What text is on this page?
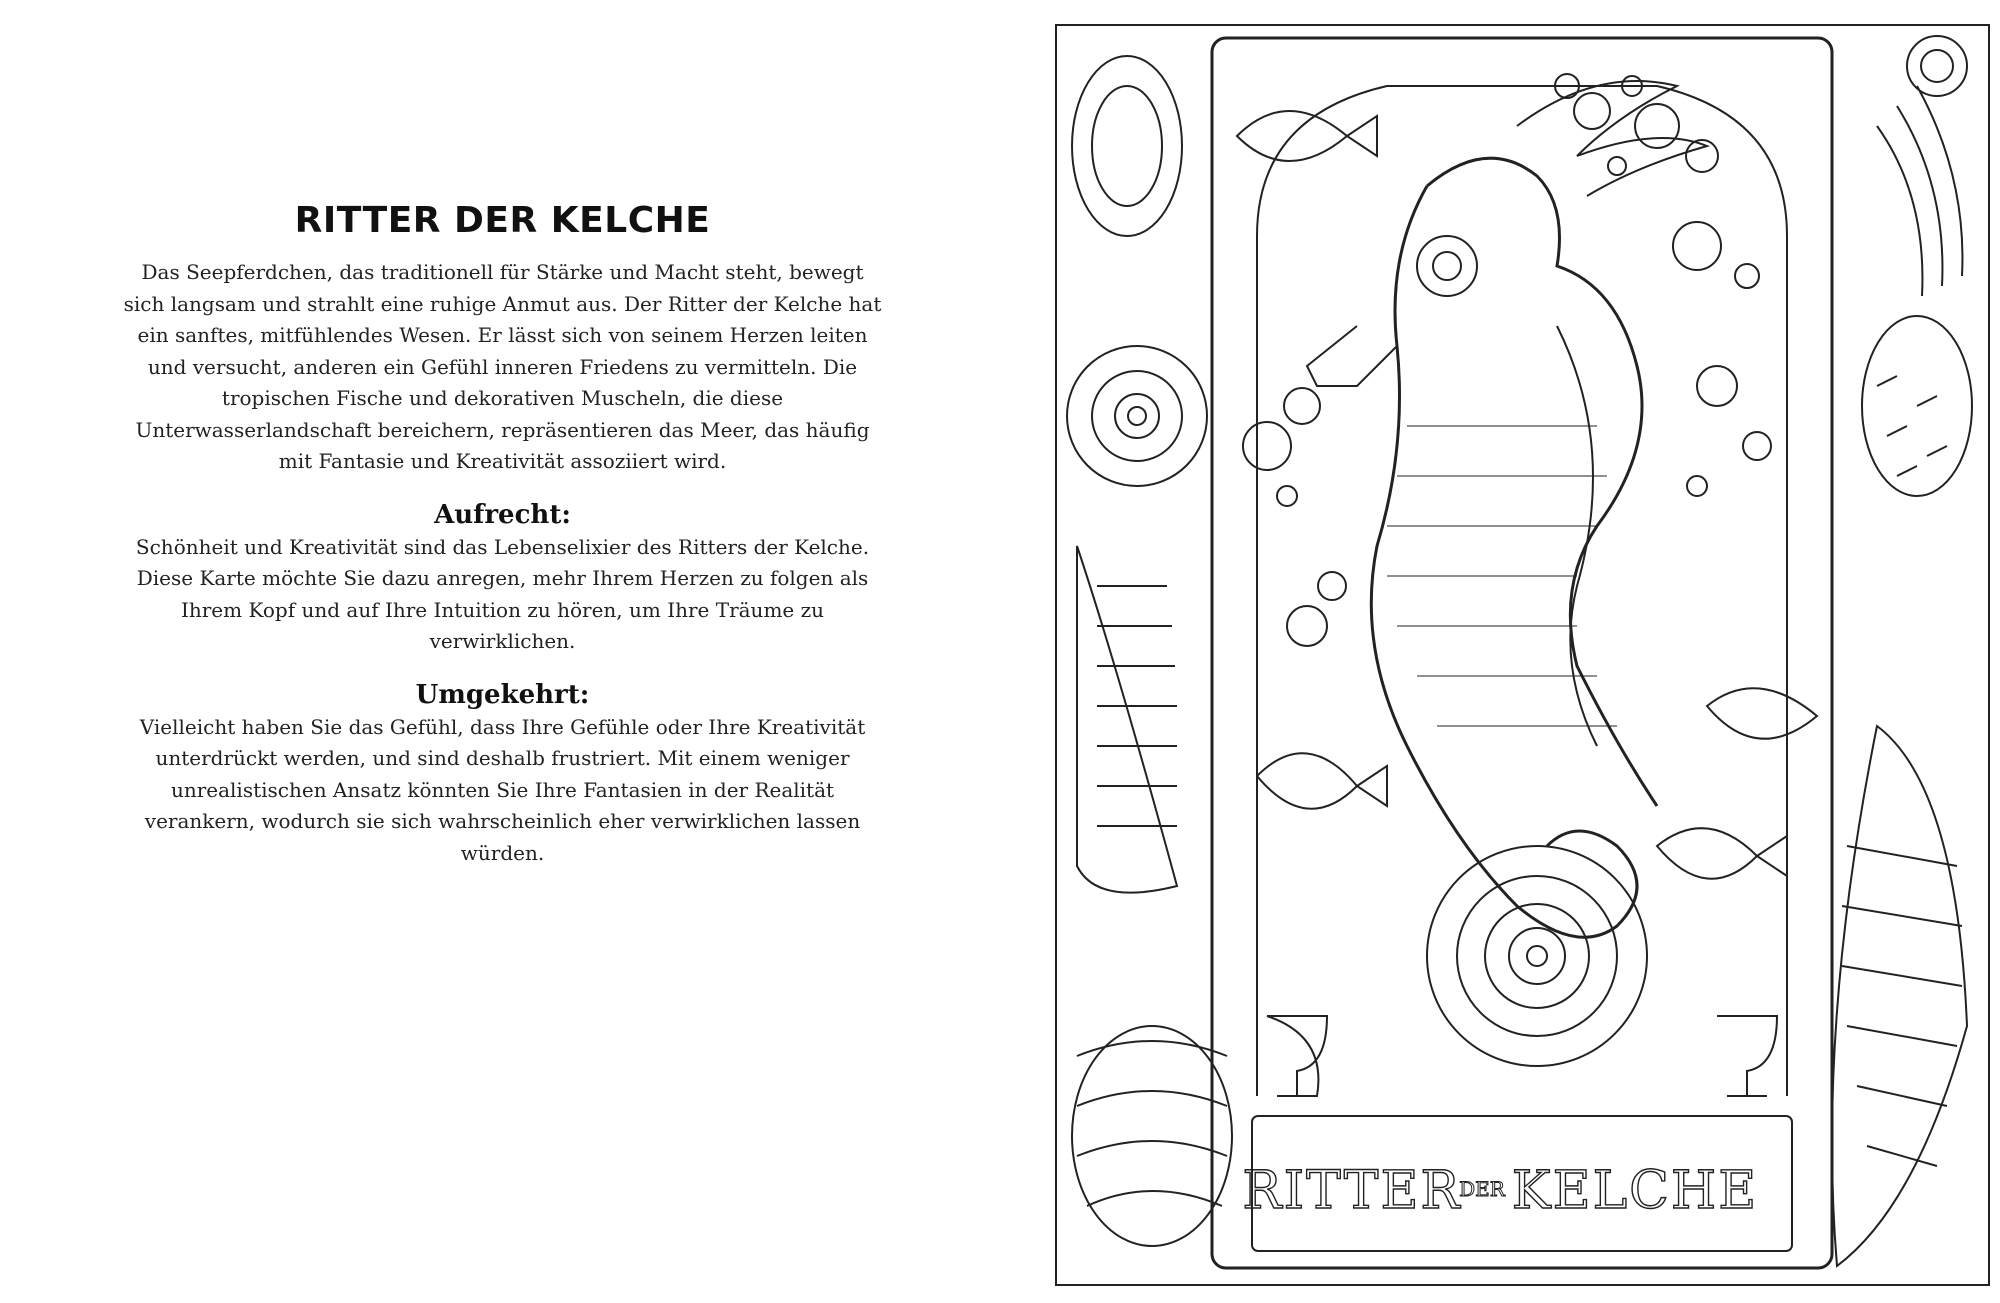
RITTER DER KELCHE

Das Seepferdchen, das traditionell für Stärke und Macht steht, bewegt sich langsam und strahlt eine ruhige Anmut aus. Der Ritter der Kelche hat ein sanftes, mitfühlendes Wesen. Er lässt sich von seinem Herzen leiten und versucht, anderen ein Gefühl inneren Friedens zu vermitteln. Die tropischen Fische und dekorativen Muscheln, die diese Unterwasserlandschaft bereichern, repräsentieren das Meer, das häufig mit Fantasie und Kreativität assoziiert wird.

Aufrecht:

Schönheit und Kreativität sind das Lebenselixier des Ritters der Kelche. Diese Karte möchte Sie dazu anregen, mehr Ihrem Herzen zu folgen als Ihrem Kopf und auf Ihre Intuition zu hören, um Ihre Träume zu verwirklichen.

Umgekehrt:

Vielleicht haben Sie das Gefühl, dass Ihre Gefühle oder Ihre Kreativität unterdrückt werden, und sind deshalb frustriert. Mit einem weniger unrealistischen Ansatz könnten Sie Ihre Fantasien in der Realität verankern, wodurch sie sich wahrscheinlich eher verwirklichen lassen würden.

RITTER
DER KELCHE
